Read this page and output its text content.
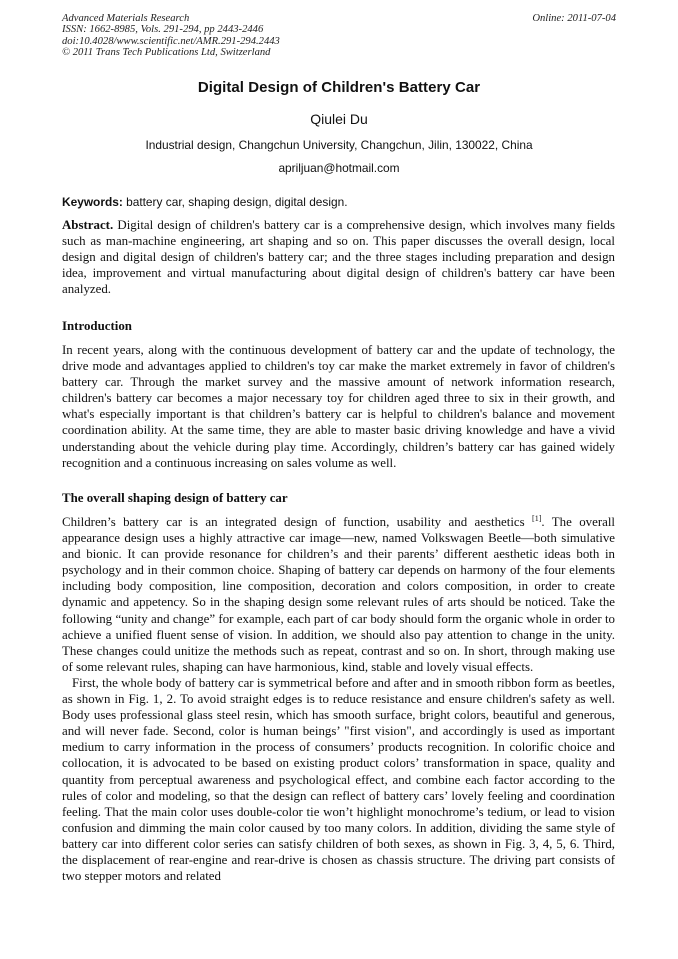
Advanced Materials Research
ISSN: 1662-8985, Vols. 291-294, pp 2443-2446
doi:10.4028/www.scientific.net/AMR.291-294.2443
© 2011 Trans Tech Publications Ltd, Switzerland
Online: 2011-07-04
Digital Design of Children's Battery Car
Qiulei Du
Industrial design, Changchun University, Changchun, Jilin, 130022, China
apriljuan@hotmail.com
Keywords: battery car, shaping design, digital design.
Abstract. Digital design of children's battery car is a comprehensive design, which involves many fields such as man-machine engineering, art shaping and so on. This paper discusses the overall design, local design and digital design of children's battery car; and the three stages including preparation and design idea, improvement and virtual manufacturing about digital design of children's battery car have been analyzed.
Introduction
In recent years, along with the continuous development of battery car and the update of technology, the drive mode and advantages applied to children's toy car make the market extremely in favor of children's battery car. Through the market survey and the massive amount of network information research, children's battery car becomes a major necessary toy for children aged three to six in their growth, and what's especially important is that children’s battery car is helpful to children's balance and movement coordination ability. At the same time, they are able to master basic driving knowledge and have a vivid understanding about the vehicle during play time. Accordingly, children’s battery car has gained widely recognition and a continuous increasing on sales volume as well.
The overall shaping design of battery car

Children’s battery car is an integrated design of function, usability and aesthetics [1]. The overall appearance design uses a highly attractive car image—new, named Volkswagen Beetle—both simulative and bionic. It can provide resonance for children’s and their parents’ different aesthetic ideas both in psychology and in their common choice. Shaping of battery car depends on harmony of the four elements including body composition, line composition, decoration and colors composition, in order to create dynamic and appetency. So in the shaping design some relevant rules of arts should be noticed. Take the following “unity and change” for example, each part of car body should form the organic whole in order to achieve a unified fluent sense of vision. In addition, we should also pay attention to change in the unity. These changes could unitize the methods such as repeat, contrast and so on. In short, through making use of some relevant rules, shaping can have harmonious, kind, stable and lovely visual effects.

First, the whole body of battery car is symmetrical before and after and in smooth ribbon form as beetles, as shown in Fig. 1, 2. To avoid straight edges is to reduce resistance and ensure children's safety as well. Body uses professional glass steel resin, which has smooth surface, bright colors, beautiful and generous, and will never fade. Second, color is human beings’ "first vision", and accordingly is used as important medium to carry information in the process of consumers’ products recognition. In colorific choice and collocation, it is advocated to be based on existing product colors’ transformation in space, quality and quantity from perceptual awareness and psychological effect, and combine each factor according to the rules of color and modeling, so that the design can reflect of battery cars’ lovely feeling and coordination feeling. That the main color uses double-color tie won’t highlight monochrome’s tedium, or lead to vision confusion and dimming the main color caused by too many colors. In addition, dividing the same style of battery car into different color series can satisfy children of both sexes, as shown in Fig. 3, 4, 5, 6. Third, the displacement of rear-engine and rear-drive is chosen as chassis structure. The driving part consists of two stepper motors and related
